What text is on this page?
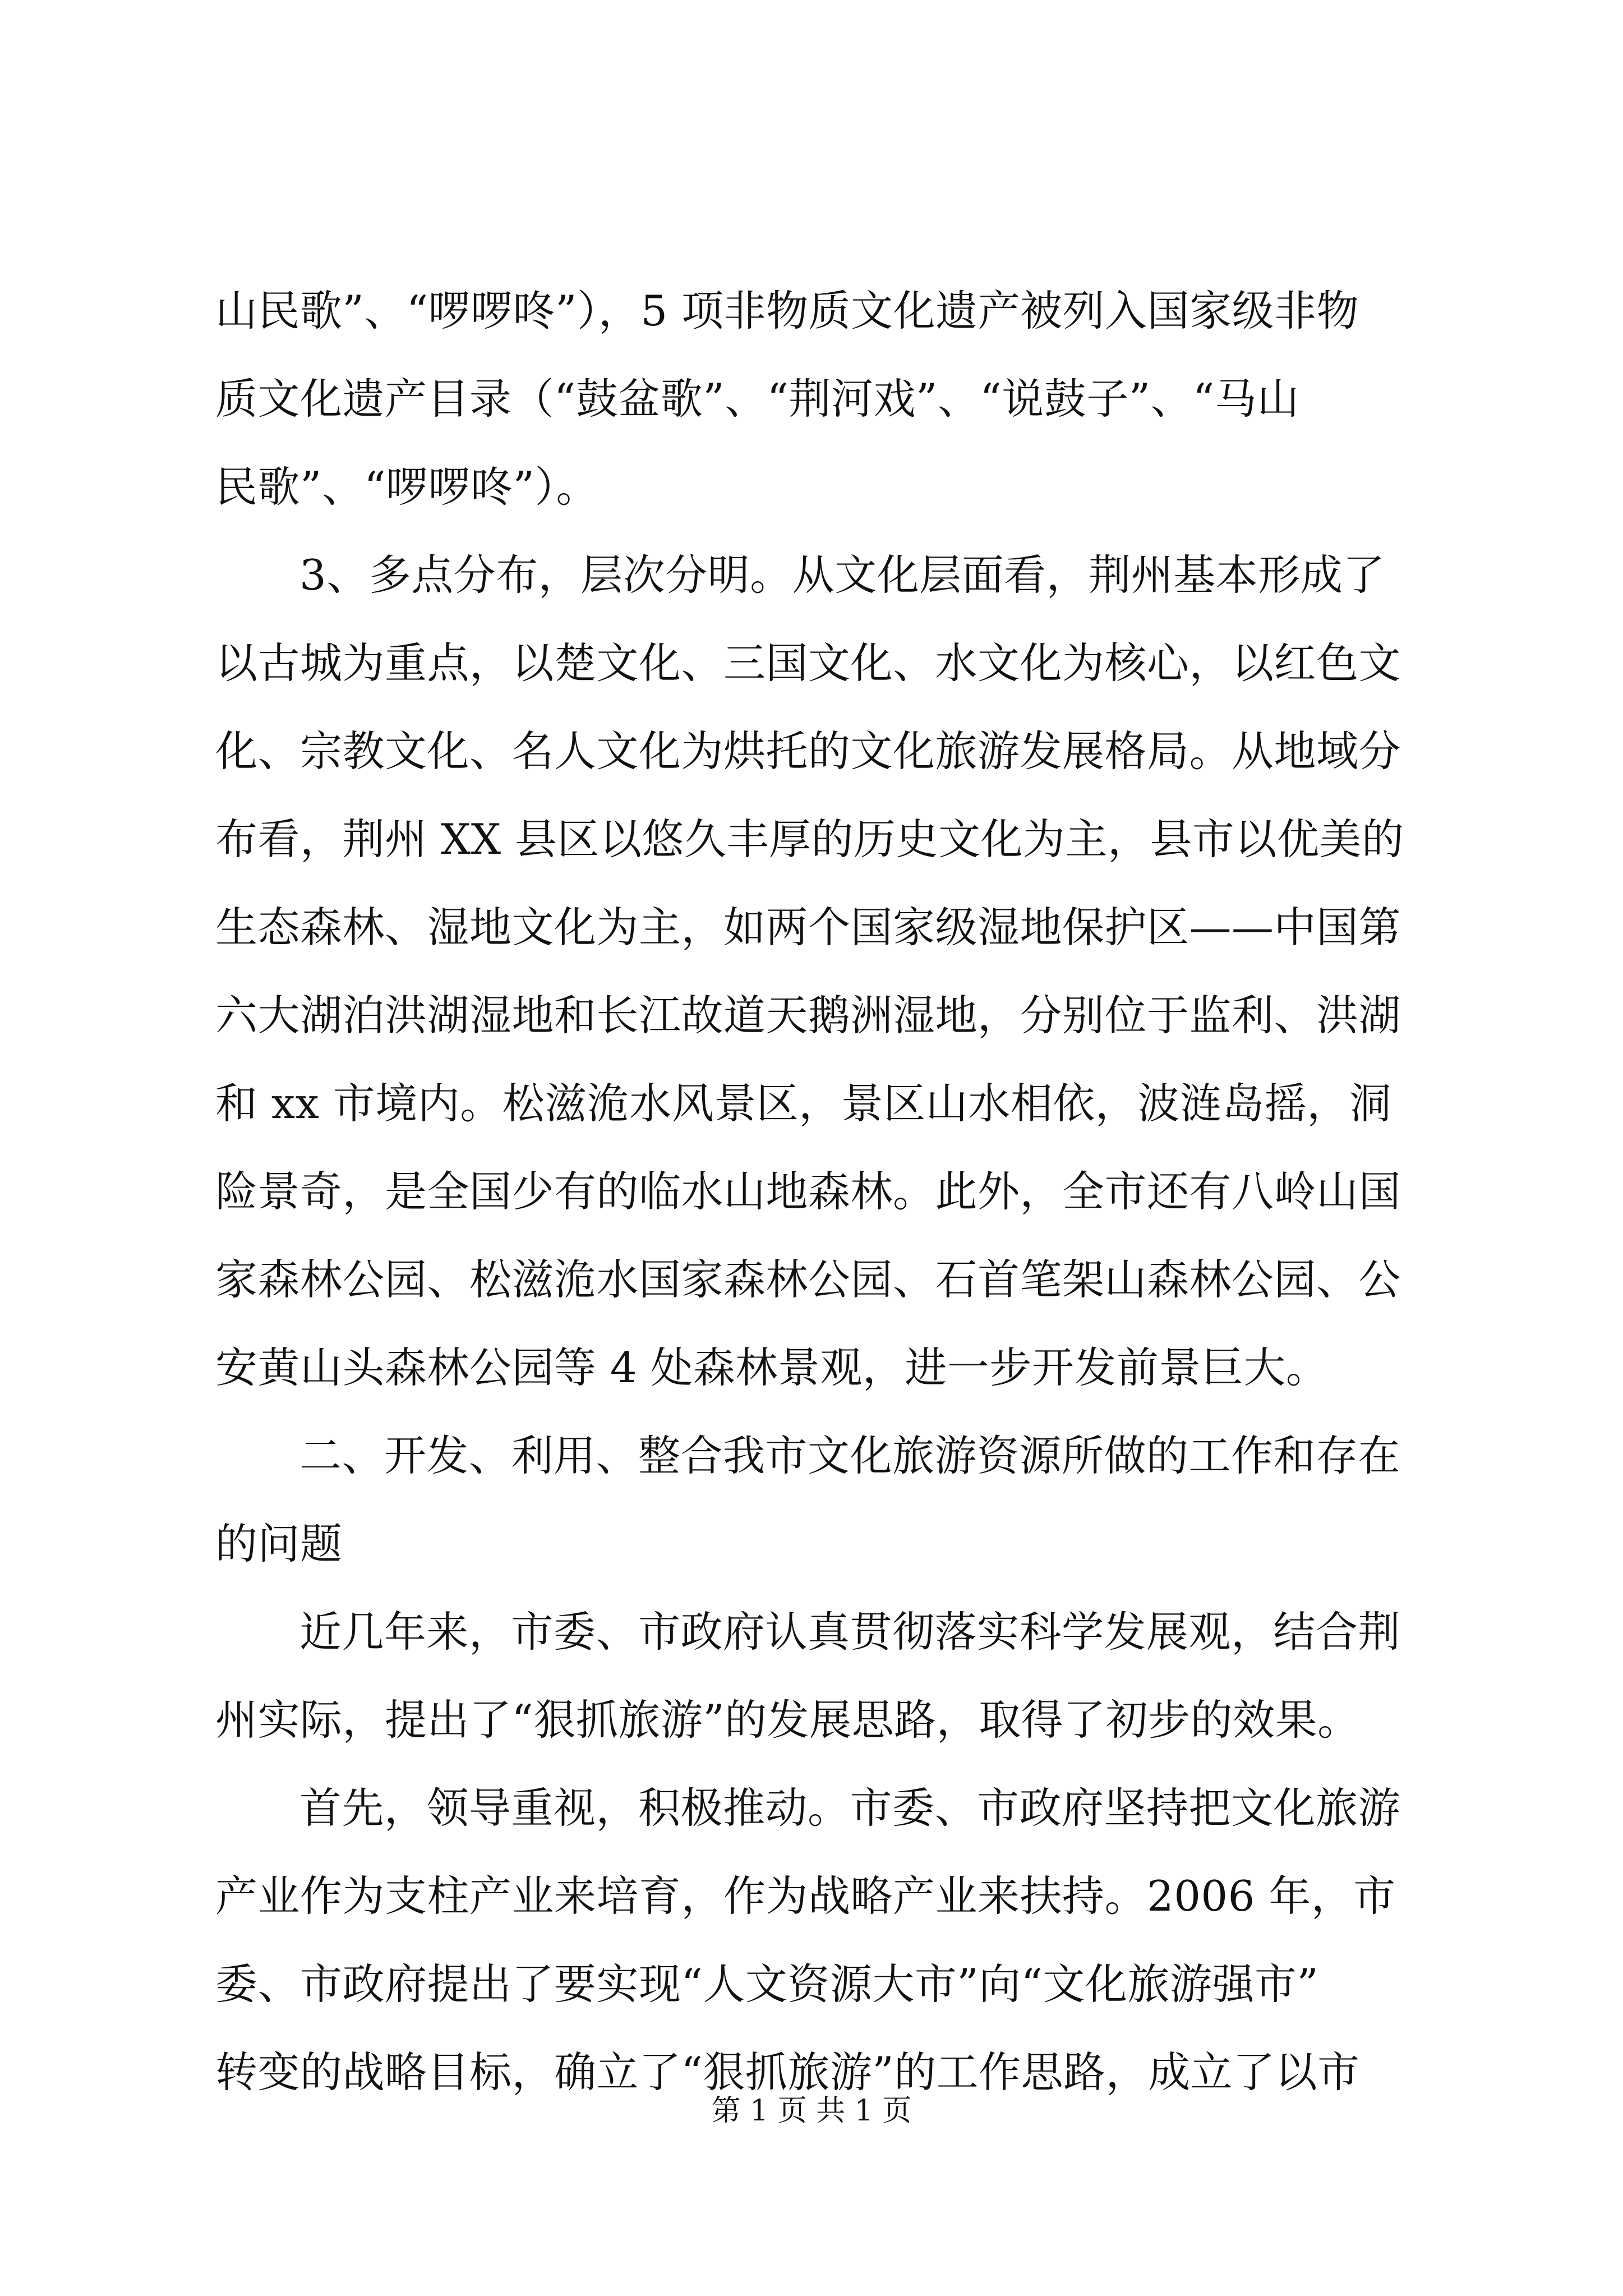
山民歌”、“啰啰咚”），5 项非物质文化遗产被列入国家级非物
质文化遗产目录（“鼓盆歌”、“荆河戏”、“说鼓子”、“马山
民歌”、“啰啰咚”）。
3、多点分布，层次分明。从文化层面看，荆州基本形成了
以古城为重点，以楚文化、三国文化、水文化为核心，以红色文
化、宗教文化、名人文化为烘托的文化旅游发展格局。从地域分
布看，荆州 XX 县区以悠久丰厚的历史文化为主，县市以优美的
生态森林、湿地文化为主，如两个国家级湿地保护区——中国第
六大湖泊洪湖湿地和长江故道天鹅洲湿地，分别位于监利、洪湖
和 xx 市境内。松滋洈水风景区，景区山水相依，波涟岛摇，洞
险景奇，是全国少有的临水山地森林。此外，全市还有八岭山国
家森林公园、松滋洈水国家森林公园、石首笔架山森林公园、公
安黄山头森林公园等 4 处森林景观，进一步开发前景巨大。
二、开发、利用、整合我市文化旅游资源所做的工作和存在
的问题
近几年来，市委、市政府认真贯彻落实科学发展观，结合荆
州实际，提出了“狠抓旅游”的发展思路，取得了初步的效果。
首先，领导重视，积极推动。市委、市政府坚持把文化旅游
产业作为支柱产业来培育，作为战略产业来扶持。2006 年，市
委、市政府提出了要实现“人文资源大市”向“文化旅游强市”
转变的战略目标，确立了“狠抓旅游”的工作思路，成立了以市
第 1 页 共 1 页
